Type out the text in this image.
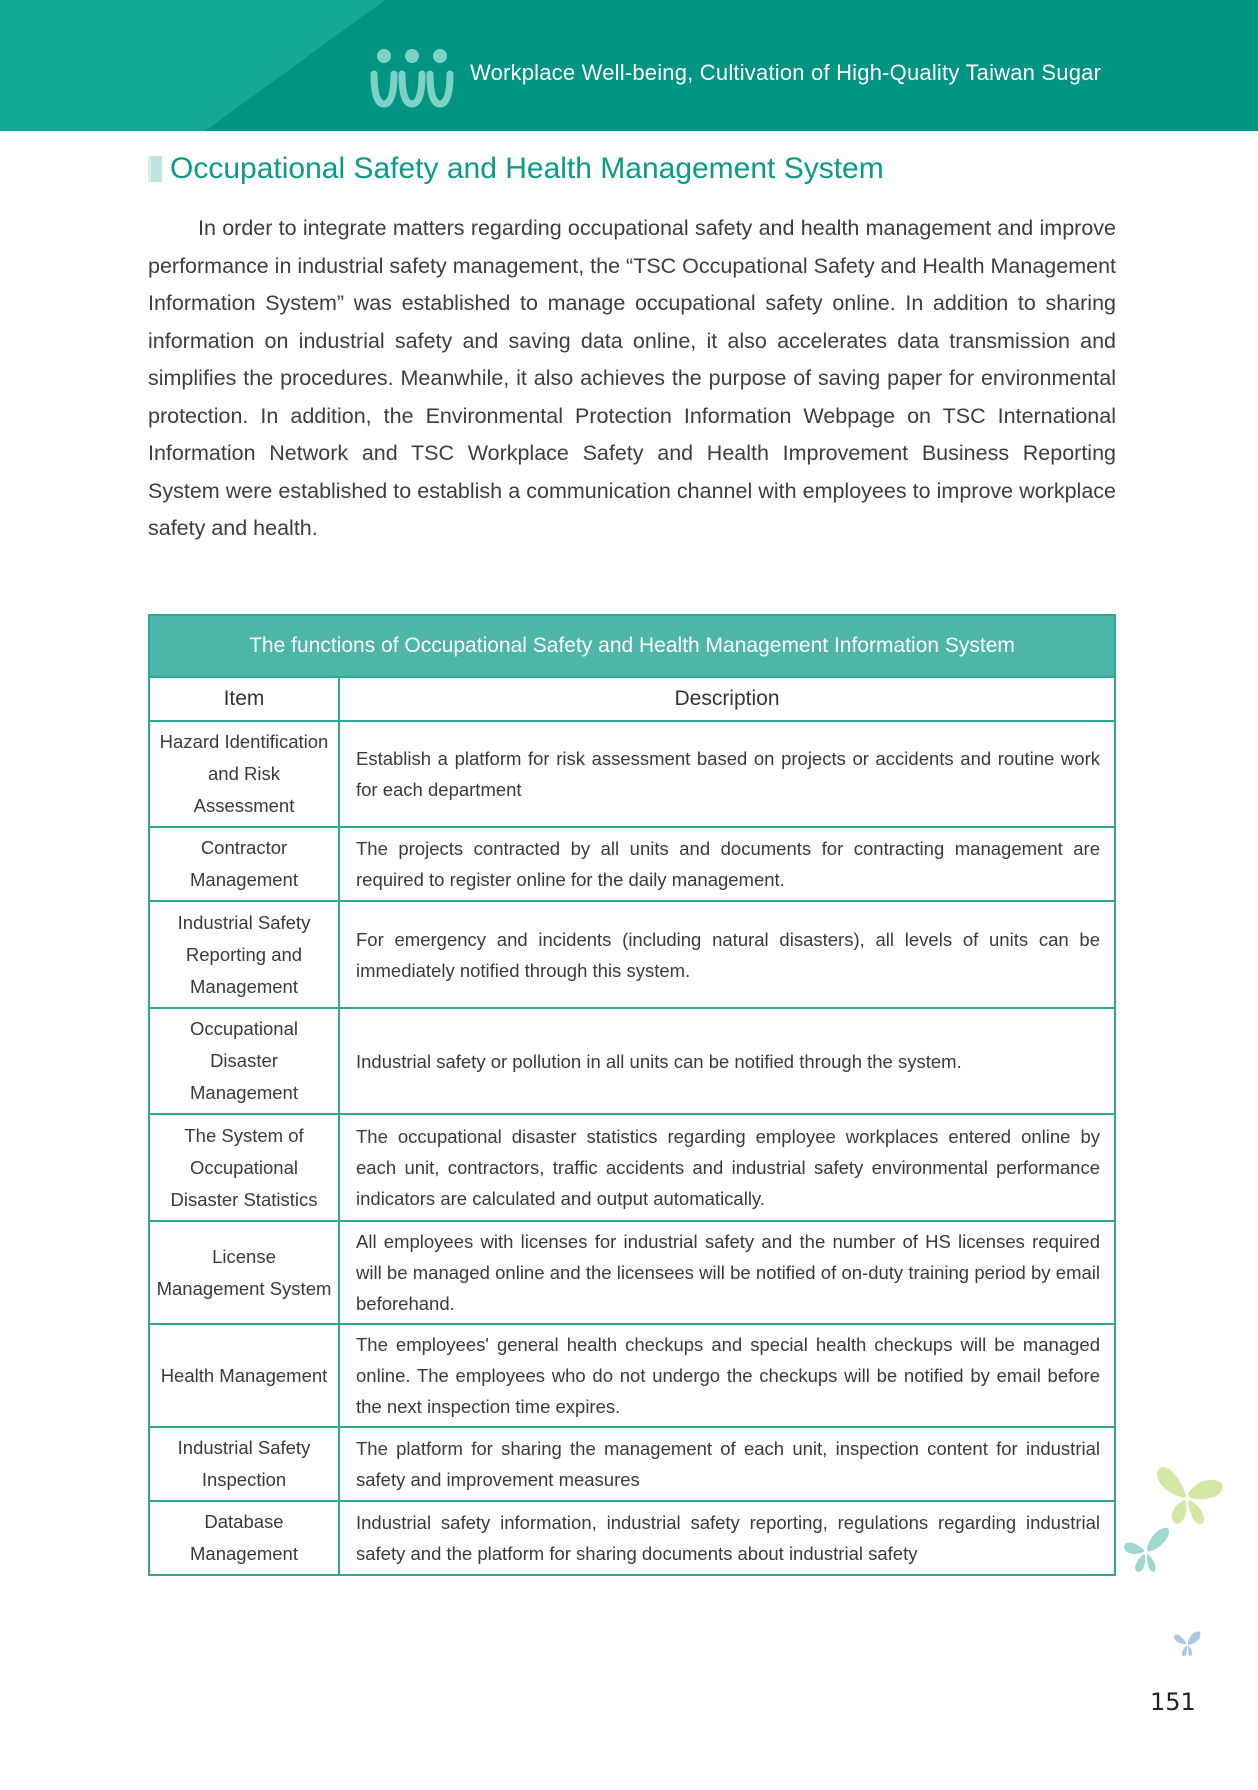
Workplace Well-being, Cultivation of High-Quality Taiwan Sugar
Occupational Safety and Health Management System
In order to integrate matters regarding occupational safety and health management and improve performance in industrial safety management, the “TSC Occupational Safety and Health Management Information System” was established to manage occupational safety online. In addition to sharing information on industrial safety and saving data online, it also accelerates data transmission and simplifies the procedures. Meanwhile, it also achieves the purpose of saving paper for environmental protection. In addition, the Environmental Protection Information Webpage on TSC International Information Network and TSC Workplace Safety and Health Improvement Business Reporting System were established to establish a communication channel with employees to improve workplace safety and health.
The functions of Occupational Safety and Health Management Information System	
Item	Description
Hazard Identification and Risk Assessment	Establish a platform for risk assessment based on projects or accidents and routine work for each department
Contractor Management	The projects contracted by all units and documents for contracting management are required to register online for the daily management.
Industrial Safety Reporting and Management	For emergency and incidents (including natural disasters), all levels of units can be immediately notified through this system.
Occupational Disaster Management	Industrial safety or pollution in all units can be notified through the system.
The System of Occupational Disaster Statistics	The occupational disaster statistics regarding employee workplaces entered online by each unit, contractors, traffic accidents and industrial safety environmental performance indicators are calculated and output automatically.
License Management System	All employees with licenses for industrial safety and the number of HS licenses required will be managed online and the licensees will be notified of on-duty training period by email beforehand.
Health Management	The employees' general health checkups and special health checkups will be managed online. The employees who do not undergo the checkups will be notified by email before the next inspection time expires.
Industrial Safety Inspection	The platform for sharing the management of each unit, inspection content for industrial safety and improvement measures
Database Management	Industrial safety information, industrial safety reporting, regulations regarding industrial safety and the platform for sharing documents about industrial safety
151
